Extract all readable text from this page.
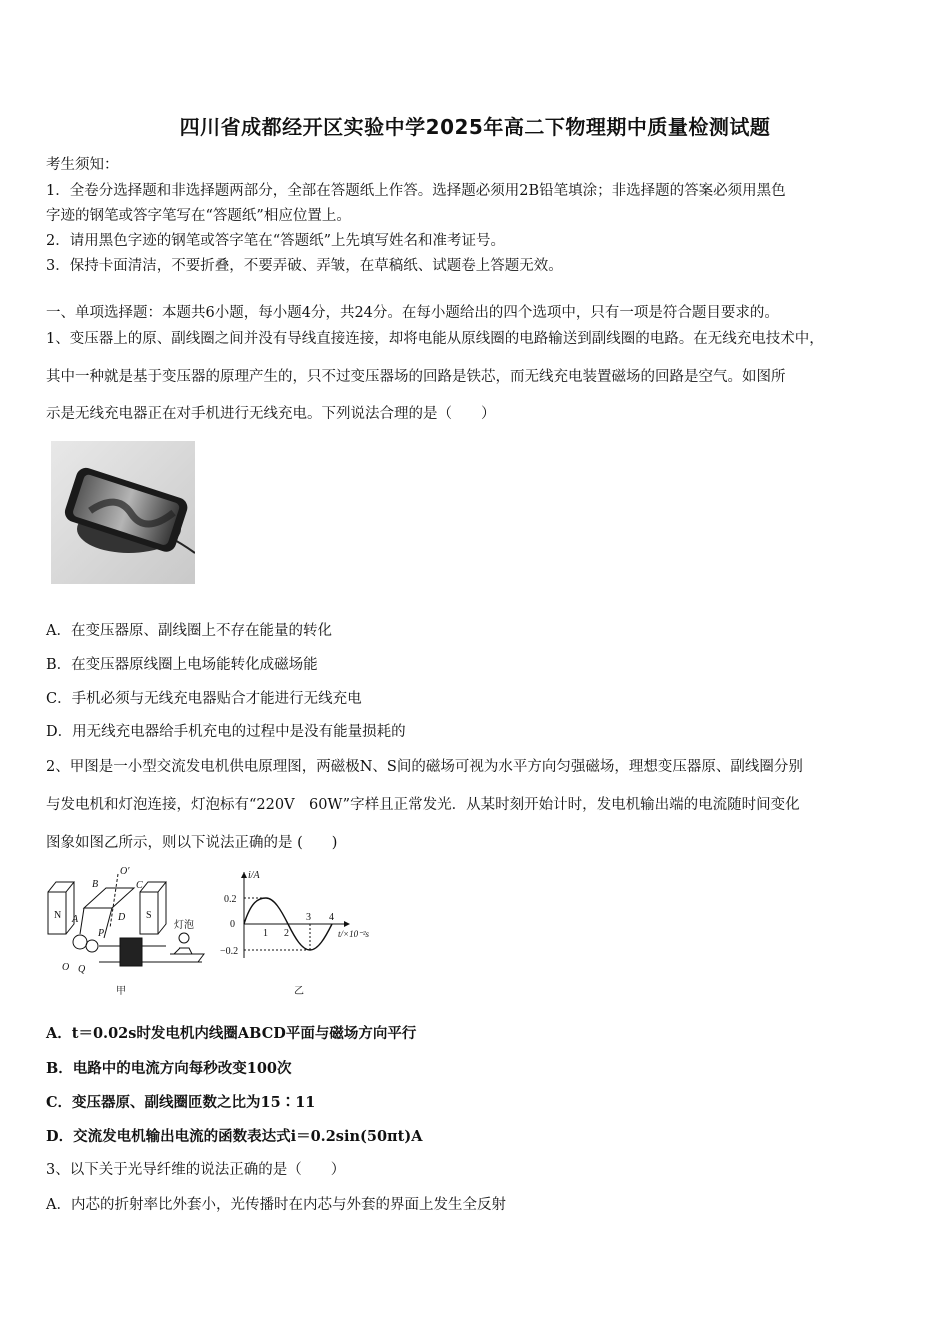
四川省成都经开区实验中学2025年高二下物理期中质量检测试题
考生须知：
1．全卷分选择题和非选择题两部分，全部在答题纸上作答。选择题必须用2B铅笔填涂；非选择题的答案必须用黑色
字迹的钢笔或答字笔写在“答题纸”相应位置上。
2．请用黑色字迹的钢笔或答字笔在“答题纸”上先填写姓名和准考证号。
3．保持卡面清洁，不要折叠，不要弄破、弄皱，在草稿纸、试题卷上答题无效。
一、单项选择题：本题共6小题，每小题4分，共24分。在每小题给出的四个选项中，只有一项是符合题目要求的。
1、变压器上的原、副线圈之间并没有导线直接连接，却将电能从原线圈的电路输送到副线圈的电路。在无线充电技术中，
其中一种就是基于变压器的原理产生的，只不过变压器场的回路是铁芯，而无线充电装置磁场的回路是空气。如图所
示是无线充电器正在对手机进行无线充电。下列说法合理的是（　　）
A．在变压器原、副线圈上不存在能量的转化
B．在变压器原线圈上电场能转化成磁场能
C．手机必须与无线充电器贴合才能进行无线充电
D．用无线充电器给手机充电的过程中是没有能量损耗的
2、甲图是一小型交流发电机供电原理图，两磁极N、S间的磁场可视为水平方向匀强磁场，理想变压器原、副线圈分别
与发电机和灯泡连接，灯泡标有“220V　60W”字样且正常发光．从某时刻开始计时，发电机输出端的电流随时间变化
图象如图乙所示，则以下说法正确的是 (　　)
N	S
B
O′
C
A	D
P
O Q
灯泡
甲
i/A
t/×10⁻²s
0
0.2
−0.2
1 2
3 4
乙
A．t＝0.02s时发电机内线圈ABCD平面与磁场方向平行
B．电路中的电流方向每秒改变100次
C．变压器原、副线圈匝数之比为15∶11
D．交流发电机输出电流的函数表达式i＝0.2sin(50πt)A
3、以下关于光导纤维的说法正确的是（　　）
A．内芯的折射率比外套小，光传播时在内芯与外套的界面上发生全反射
